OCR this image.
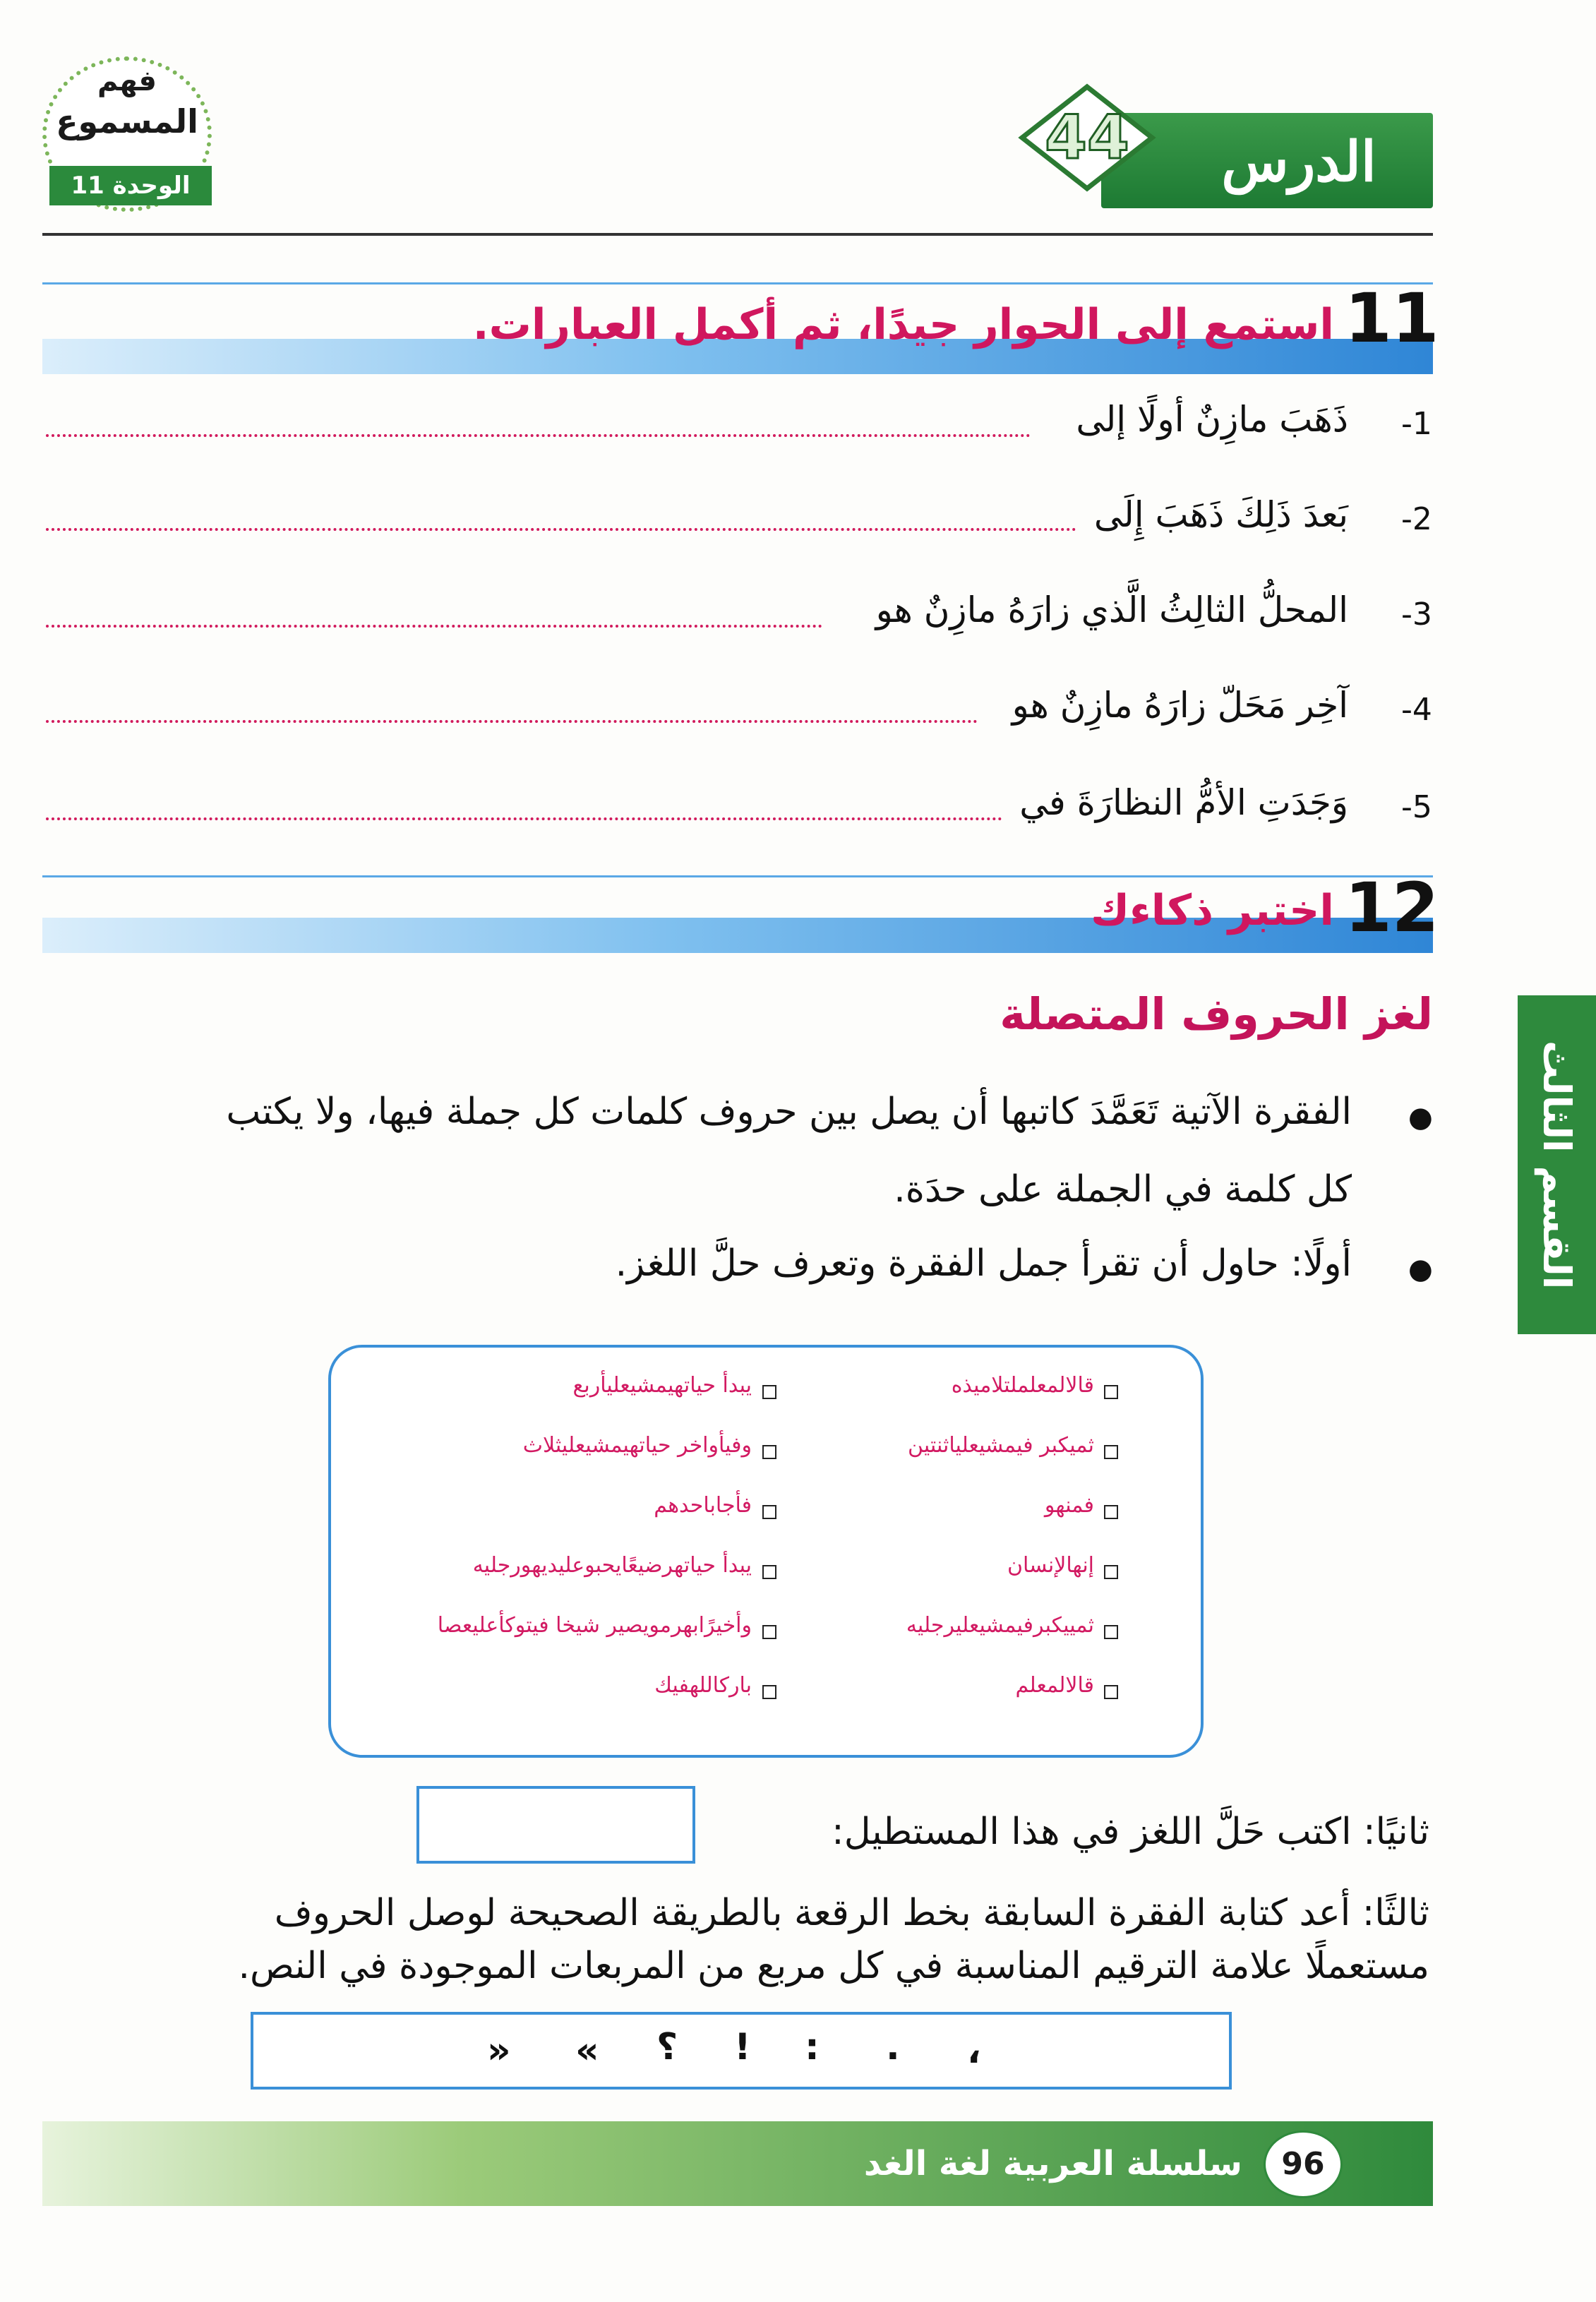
الدرس
44
فهم
المسموع
الوحدة 11
11
استمع إلى الحوار جيدًا، ثم أكمل العبارات.
-1
ذَهَبَ مازِنٌ أولًا إلى
-2
بَعدَ ذَلِكَ ذَهَبَ إِلَى
-3
المحلُّ الثالِثُ الَّذي زارَهُ مازِنٌ هو
-4
آخِر مَحَلّ زارَهُ مازِنٌ هو
-5
وَجَدَتِ الأمُّ النظارَةَ في
12
اختبر ذكاءك
لغز الحروف المتصلة
●
الفقرة الآتية تَعَمَّدَ كاتبها أن يصل بين حروف كلمات كل جملة فيها، ولا يكتب
كل كلمة في الجملة على حدَة.
●
أولًا: حاول أن تقرأ جمل الفقرة وتعرف حلَّ اللغز.
قالالمعلملتلاميذه
ثميكبر فيمشيعلياثنتين
فمنهو
إنهالإنسان
ثمييكبرفيمشيعليرجليه
قالالمعلم
يبدأ حياتهيمشيعليأربع
وفيأواخر حياتهيمشيعليثلاث
فأجاباحدهم
يبدأ حياتهرضيعًايحبوعليديهورجليه
وأخيرًابهرمويصير شيخا فيتوكأعليعصا
باركاللهفيك
ثانيًا: اكتب حَلَّ اللغز في هذا المستطيل:
ثالثًا: أعد كتابة الفقرة السابقة بخط الرقعة بالطريقة الصحيحة لوصل الحروف
مستعملًا علامة الترقيم المناسبة في كل مربع من المربعات الموجودة في النص.
،
.
:
!
؟
«
»
القسم الثالث
سلسلة العربية لغة الغد	96
